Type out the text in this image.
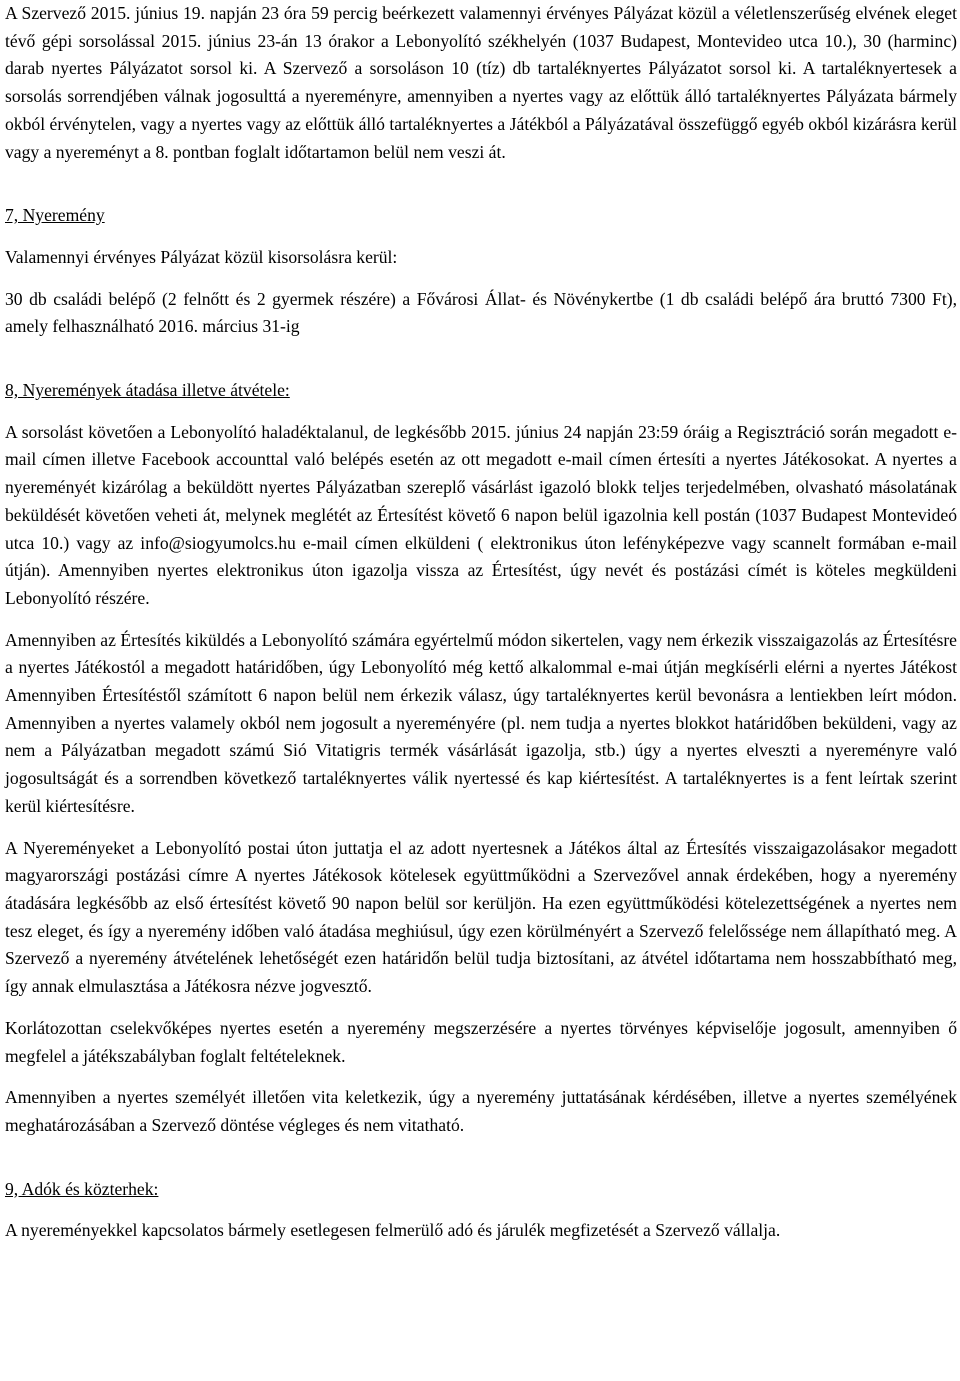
A Szervező 2015. június 19. napján 23 óra 59 percig beérkezett valamennyi érvényes Pályázat közül a véletlenszerűség elvének eleget tévő gépi sorsolással 2015. június 23-án 13 órakor a Lebonyolító székhelyén (1037 Budapest, Montevideo utca 10.), 30 (harminc) darab nyertes Pályázatot sorsol ki. A Szervező a sorsoláson 10 (tíz) db tartaléknyertes Pályázatot sorsol ki. A tartaléknyertesek a sorsolás sorrendjében válnak jogosulttá a nyereményre, amennyiben a nyertes vagy az előttük álló tartaléknyertes Pályázata bármely okból érvénytelen, vagy a nyertes vagy az előttük álló tartaléknyertes a Játékból a Pályázatával összefüggő egyéb okból kizárásra kerül vagy a nyereményt a 8. pontban foglalt időtartamon belül nem veszi át.

7, Nyeremény

Valamennyi érvényes Pályázat közül kisorsolásra kerül:

30 db családi belépő (2 felnőtt és 2 gyermek részére) a Fővárosi Állat- és Növénykertbe (1 db családi belépő ára bruttó 7300 Ft), amely felhasználható 2016. március 31-ig

8, Nyeremények átadása illetve átvétele:

A sorsolást követően a Lebonyolító haladéktalanul, de legkésőbb 2015. június 24 napján 23:59 óráig a Regisztráció során megadott e-mail címen illetve Facebook accounttal való belépés esetén az ott megadott e-mail címen értesíti a nyertes Játékosokat. A nyertes a nyereményét kizárólag a beküldött nyertes Pályázatban szereplő vásárlást igazoló blokk teljes terjedelmében, olvasható másolatának beküldését követően veheti át, melynek meglétét az Értesítést követő 6 napon belül igazolnia kell postán (1037 Budapest Montevideó utca 10.) vagy az info@siogyumolcs.hu e-mail címen elküldeni ( elektronikus úton lefényképezve vagy scannelt formában e-mail útján). Amennyiben nyertes elektronikus úton igazolja vissza az Értesítést, úgy nevét és postázási címét is köteles megküldeni Lebonyolító részére.

Amennyiben az Értesítés kiküldés a Lebonyolító számára egyértelmű módon sikertelen, vagy nem érkezik visszaigazolás az Értesítésre a nyertes Játékostól a megadott határidőben, úgy Lebonyolító még kettő alkalommal e-mai útján megkísérli elérni a nyertes Játékost Amennyiben Értesítéstől számított 6 napon belül nem érkezik válasz, úgy tartaléknyertes kerül bevonásra a lentiekben leírt módon. Amennyiben a nyertes valamely okból nem jogosult a nyereményére (pl. nem tudja a nyertes blokkot határidőben beküldeni, vagy az nem a Pályázatban megadott számú Sió Vitatigris termék vásárlását igazolja, stb.) úgy a nyertes elveszti a nyereményre való jogosultságát és a sorrendben következő tartaléknyertes válik nyertessé és kap kiértesítést. A tartaléknyertes is a fent leírtak szerint kerül kiértesítésre.

A Nyereményeket a Lebonyolító postai úton juttatja el az adott nyertesnek a Játékos által az Értesítés visszaigazolásakor megadott magyarországi postázási címre A nyertes Játékosok kötelesek együttműködni a Szervezővel annak érdekében, hogy a nyeremény átadására legkésőbb az első értesítést követő 90 napon belül sor kerüljön. Ha ezen együttműködési kötelezettségének a nyertes nem tesz eleget, és így a nyeremény időben való átadása meghiúsul, úgy ezen körülményért a Szervező felelőssége nem állapítható meg. A Szervező a nyeremény átvételének lehetőségét ezen határidőn belül tudja biztosítani, az átvétel időtartama nem hosszabbítható meg, így annak elmulasztása a Játékosra nézve jogvesztő.

Korlátozottan cselekvőképes nyertes esetén a nyeremény megszerzésére a nyertes törvényes képviselője jogosult, amennyiben ő megfelel a játékszabályban foglalt feltételeknek.

Amennyiben a nyertes személyét illetően vita keletkezik, úgy a nyeremény juttatásának kérdésében, illetve a nyertes személyének meghatározásában a Szervező döntése végleges és nem vitatható.

9, Adók és közterhek:

A nyereményekkel kapcsolatos bármely esetlegesen felmerülő adó és járulék megfizetését a Szervező vállalja.
